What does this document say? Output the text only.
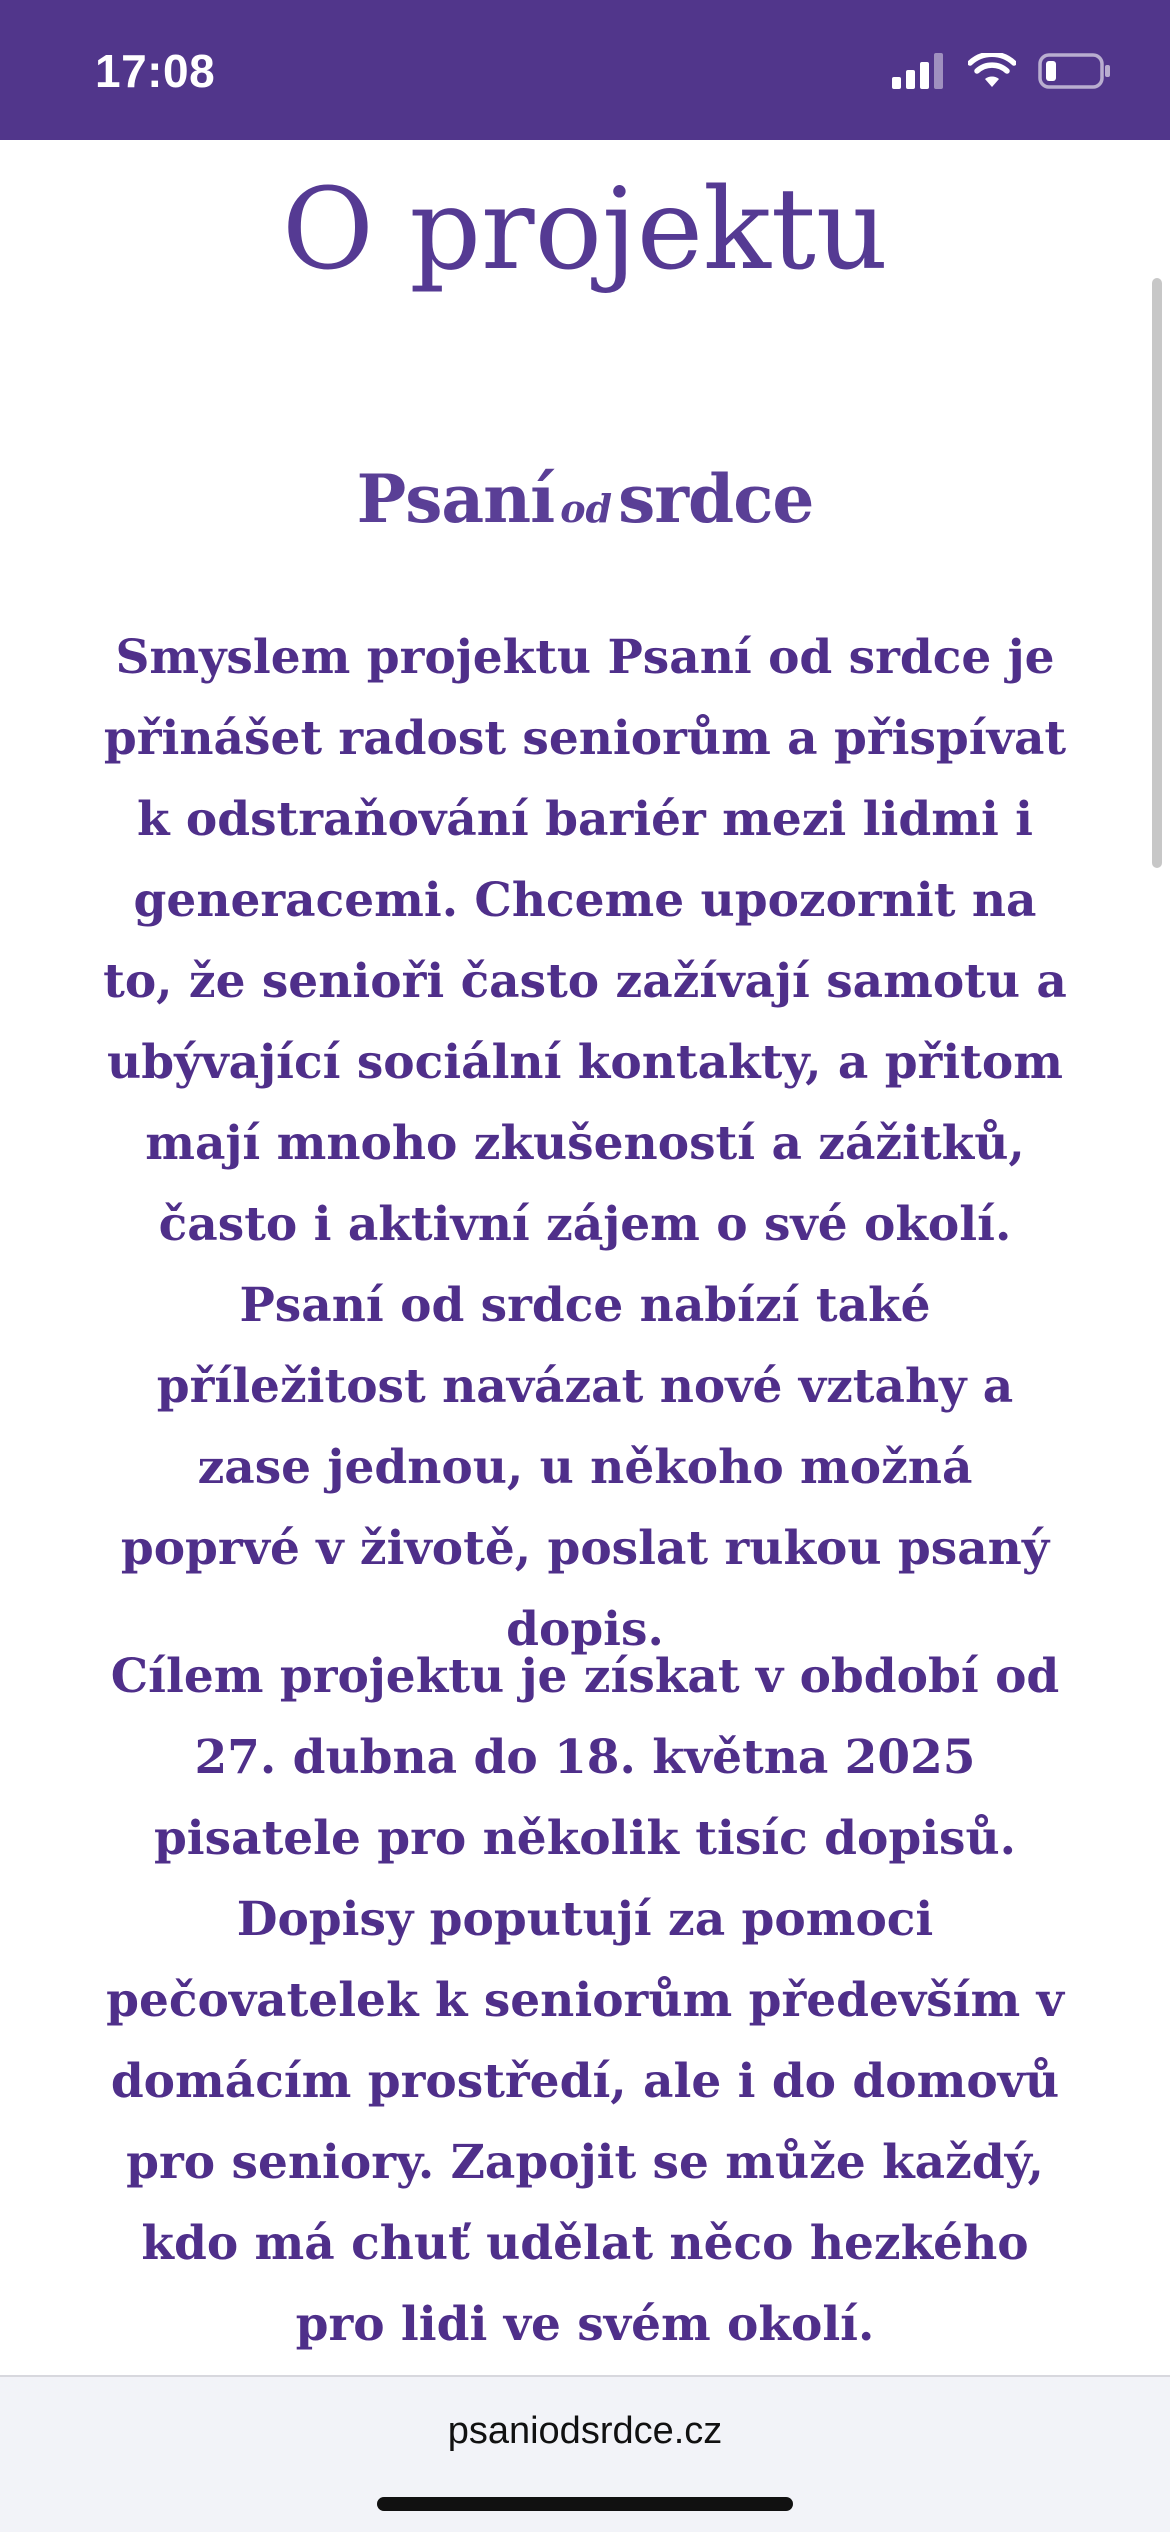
17:08
O projektu
Psaní odsrdce

Smyslem projektu Psaní od srdce je přinášet radost seniorům a přispívat k odstraňování bariér mezi lidmi i generacemi. Chceme upozornit na to, že senioři často zažívají samotu a ubývající sociální kontakty, a přitom mají mnoho zkušeností a zážitků, často i aktivní zájem o své okolí. Psaní od srdce nabízí také příležitost navázat nové vztahy a zase jednou, u někoho možná poprvé v životě, poslat rukou psaný dopis.

Cílem projektu je získat v období od 27. dubna do 18. května 2025 pisatele pro několik tisíc dopisů. Dopisy poputují za pomoci pečovatelek k seniorům především v domácím prostředí, ale i do domovů pro seniory. Zapojit se může každý, kdo má chuť udělat něco hezkého pro lidi ve svém okolí.

psaniodsrdce.cz
